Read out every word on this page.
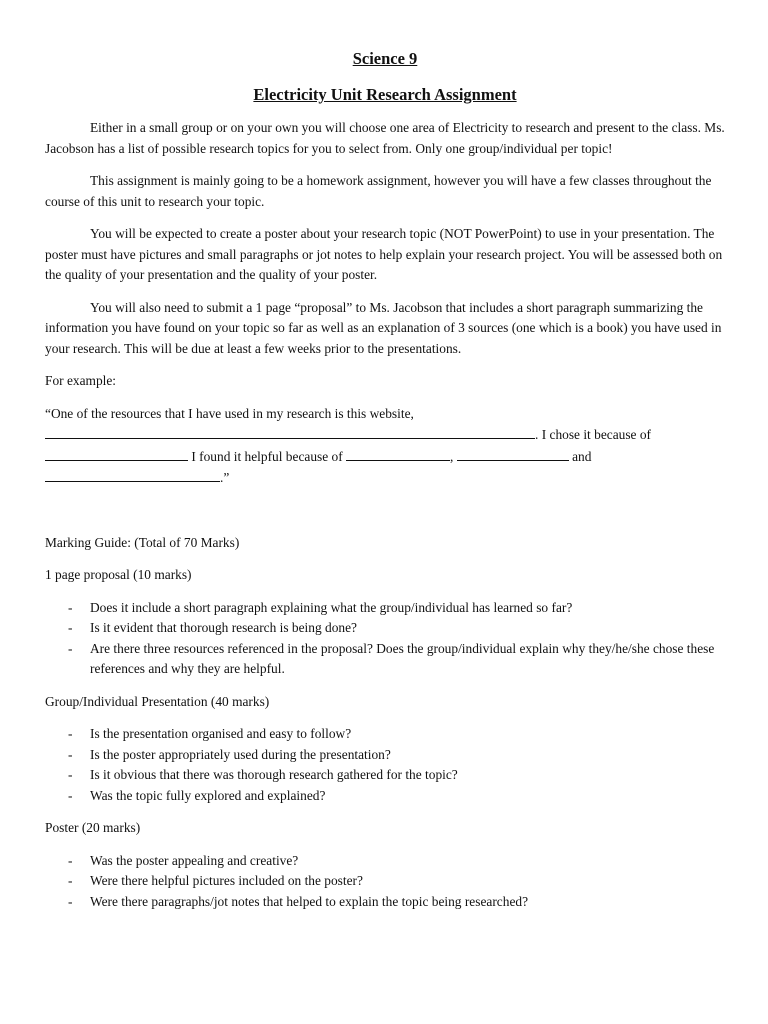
Science 9
Electricity Unit Research Assignment

Either in a small group or on your own you will choose one area of Electricity to research and present to the class. Ms. Jacobson has a list of possible research topics for you to select from. Only one group/individual per topic!

This assignment is mainly going to be a homework assignment, however you will have a few classes throughout the course of this unit to research your topic.

You will be expected to create a poster about your research topic (NOT PowerPoint) to use in your presentation. The poster must have pictures and small paragraphs or jot notes to help explain your research project. You will be assessed both on the quality of your presentation and the quality of your poster.

You will also need to submit a 1 page “proposal” to Ms. Jacobson that includes a short paragraph summarizing the information you have found on your topic so far as well as an explanation of 3 sources (one which is a book) you have used in your research. This will be due at least a few weeks prior to the presentations.

For example:

“One of the resources that I have used in my research is this website,
. I chose it because of
I found it helpful because of	,	and
.”

Marking Guide: (Total of 70 Marks)

1 page proposal (10 marks)

- Does it include a short paragraph explaining what the group/individual has learned so far?
- Is it evident that thorough research is being done?
- Are there three resources referenced in the proposal? Does the group/individual explain why they/he/she chose these references and why they are helpful.

Group/Individual Presentation (40 marks)

- Is the presentation organised and easy to follow?
- Is the poster appropriately used during the presentation?
- Is it obvious that there was thorough research gathered for the topic?
- Was the topic fully explored and explained?

Poster (20 marks)

- Was the poster appealing and creative?
- Were there helpful pictures included on the poster?
- Were there paragraphs/jot notes that helped to explain the topic being researched?
